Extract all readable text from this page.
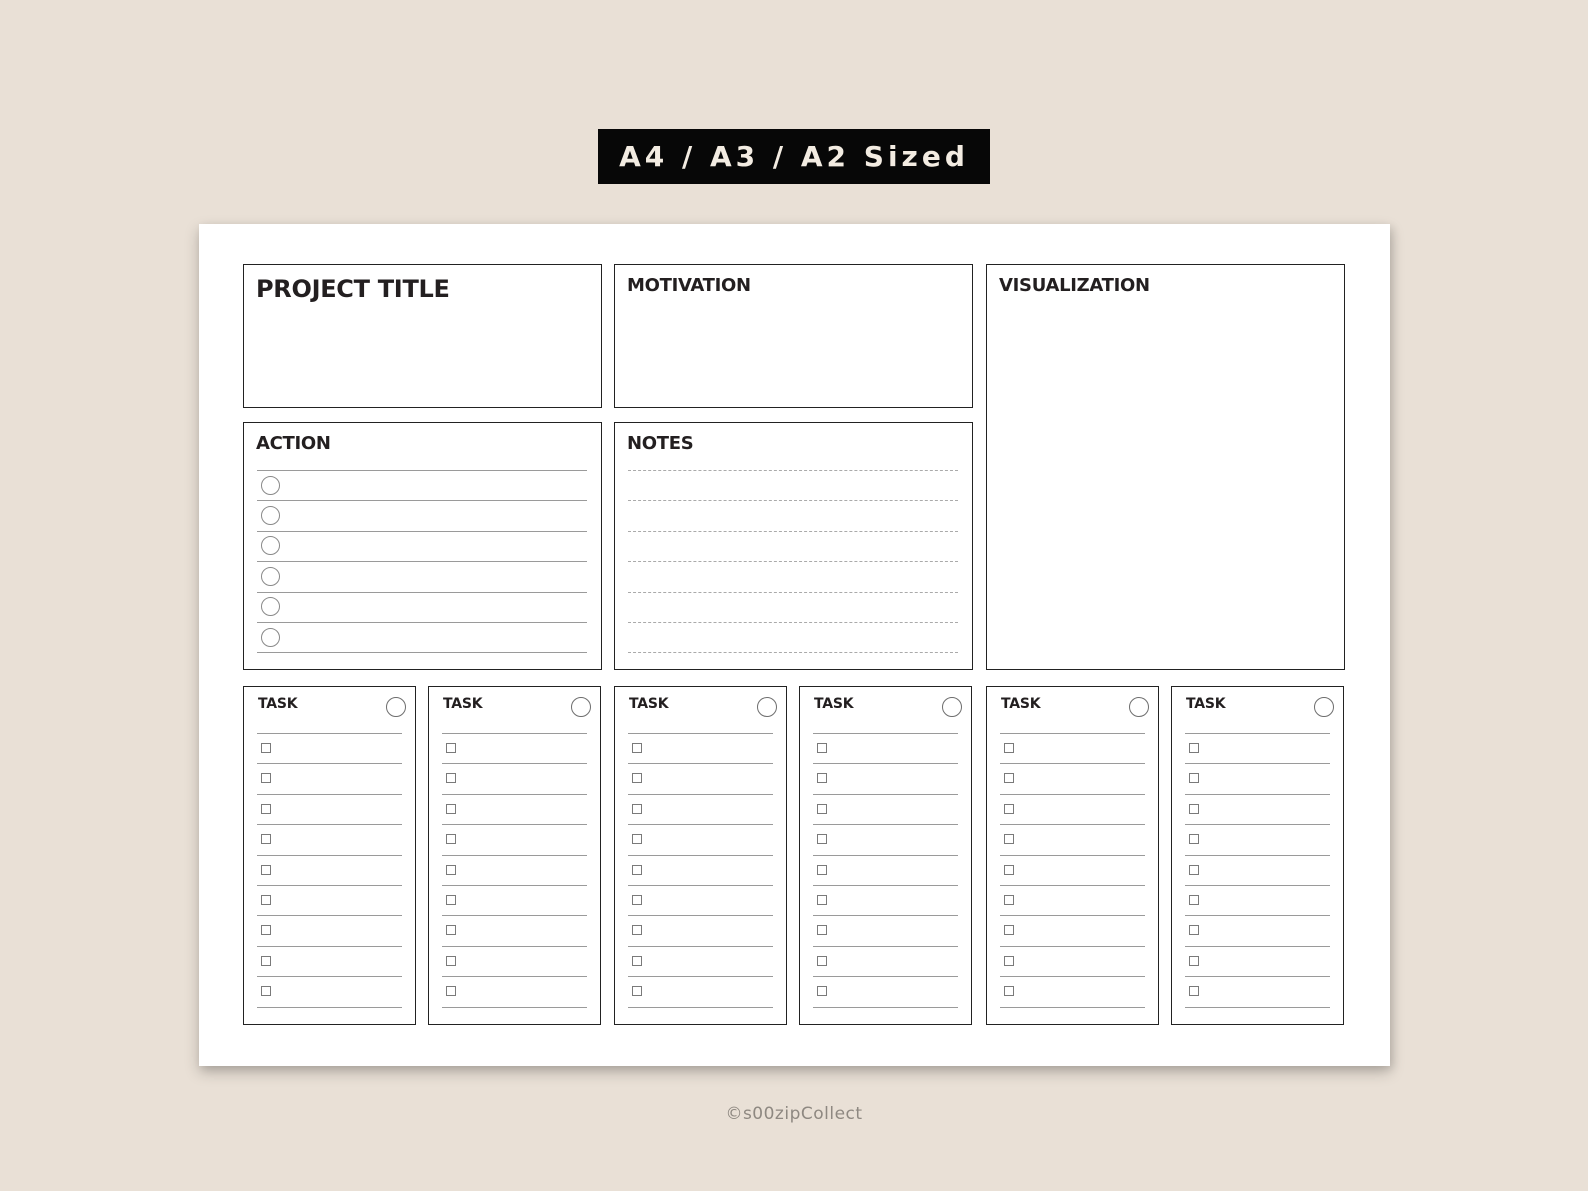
A4 / A3 / A2 Sized
PROJECT TITLE	MOTIVATION	VISUALIZATION
ACTION	NOTES
TASK	TASK	TASK	TASK	TASK	TASK
©s00zipCollect
